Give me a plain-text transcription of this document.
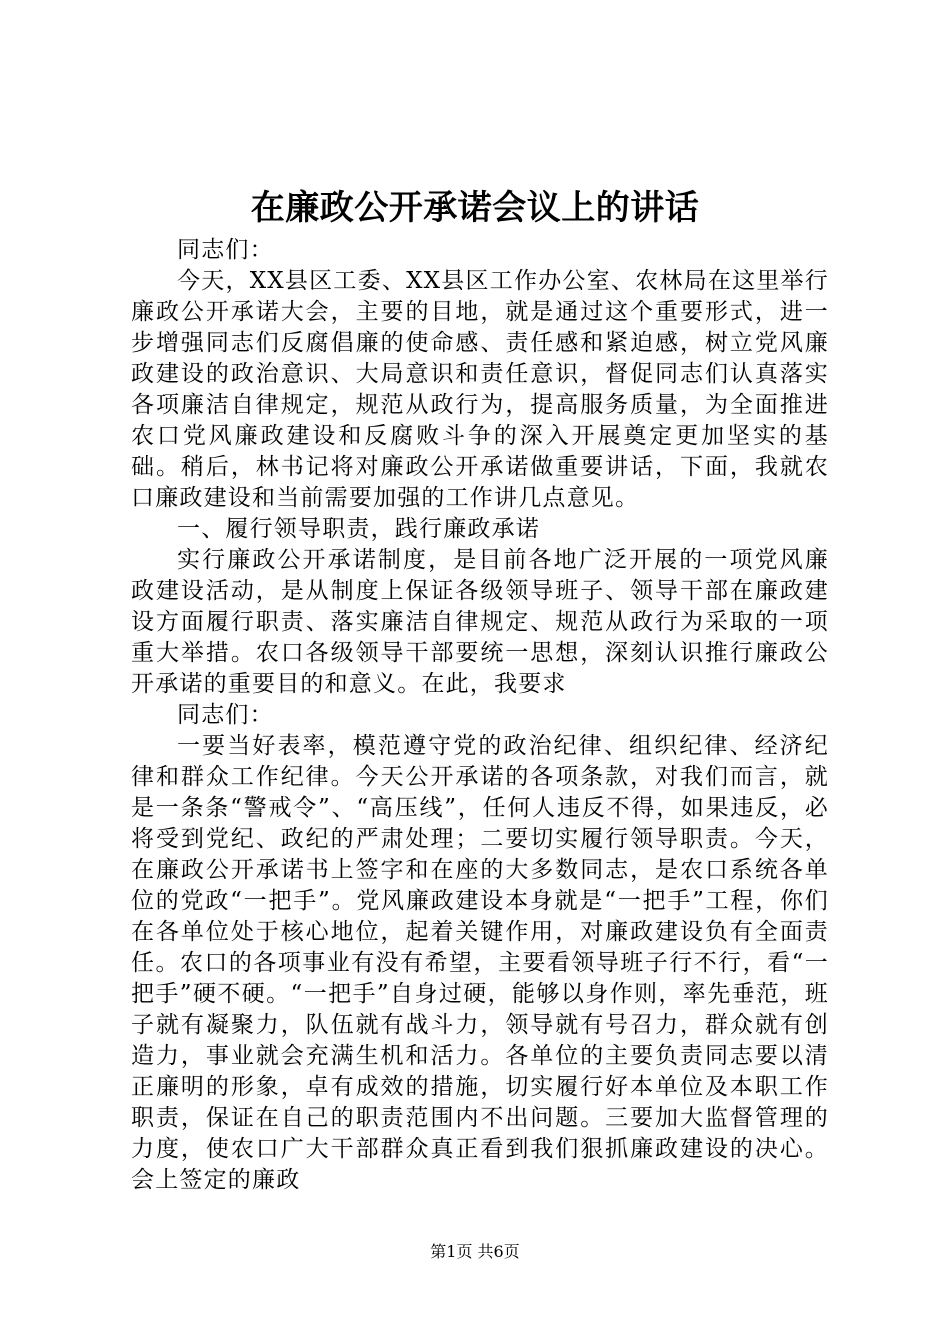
在廉政公开承诺会议上的讲话

同志们：

今天，XX县区工委、XX县区工作办公室、农林局在这里举行廉政公开承诺大会，主要的目地，就是通过这个重要形式，进一步增强同志们反腐倡廉的使命感、责任感和紧迫感，树立党风廉政建设的政治意识、大局意识和责任意识，督促同志们认真落实各项廉洁自律规定，规范从政行为，提高服务质量，为全面推进农口党风廉政建设和反腐败斗争的深入开展奠定更加坚实的基础。稍后，林书记将对廉政公开承诺做重要讲话，下面，我就农口廉政建设和当前需要加强的工作讲几点意见。

一、履行领导职责，践行廉政承诺

实行廉政公开承诺制度，是目前各地广泛开展的一项党风廉政建设活动，是从制度上保证各级领导班子、领导干部在廉政建设方面履行职责、落实廉洁自律规定、规范从政行为采取的一项重大举措。农口各级领导干部要统一思想，深刻认识推行廉政公开承诺的重要目的和意义。在此，我要求

同志们：

一要当好表率，模范遵守党的政治纪律、组织纪律、经济纪律和群众工作纪律。今天公开承诺的各项条款，对我们而言，就是一条条“警戒令”、“高压线”，任何人违反不得，如果违反，必将受到党纪、政纪的严肃处理；二要切实履行领导职责。今天，在廉政公开承诺书上签字和在座的大多数同志，是农口系统各单位的党政“一把手”。党风廉政建设本身就是“一把手”工程，你们在各单位处于核心地位，起着关键作用，对廉政建设负有全面责任。农口的各项事业有没有希望，主要看领导班子行不行，看“一把手”硬不硬。“一把手”自身过硬，能够以身作则，率先垂范，班子就有凝聚力，队伍就有战斗力，领导就有号召力，群众就有创造力，事业就会充满生机和活力。各单位的主要负责同志要以清正廉明的形象，卓有成效的措施，切实履行好本单位及本职工作职责，保证在自己的职责范围内不出问题。三要加大监督管理的力度，使农口广大干部群众真正看到我们狠抓廉政建设的决心。会上签定的廉政

第1页 共6页
